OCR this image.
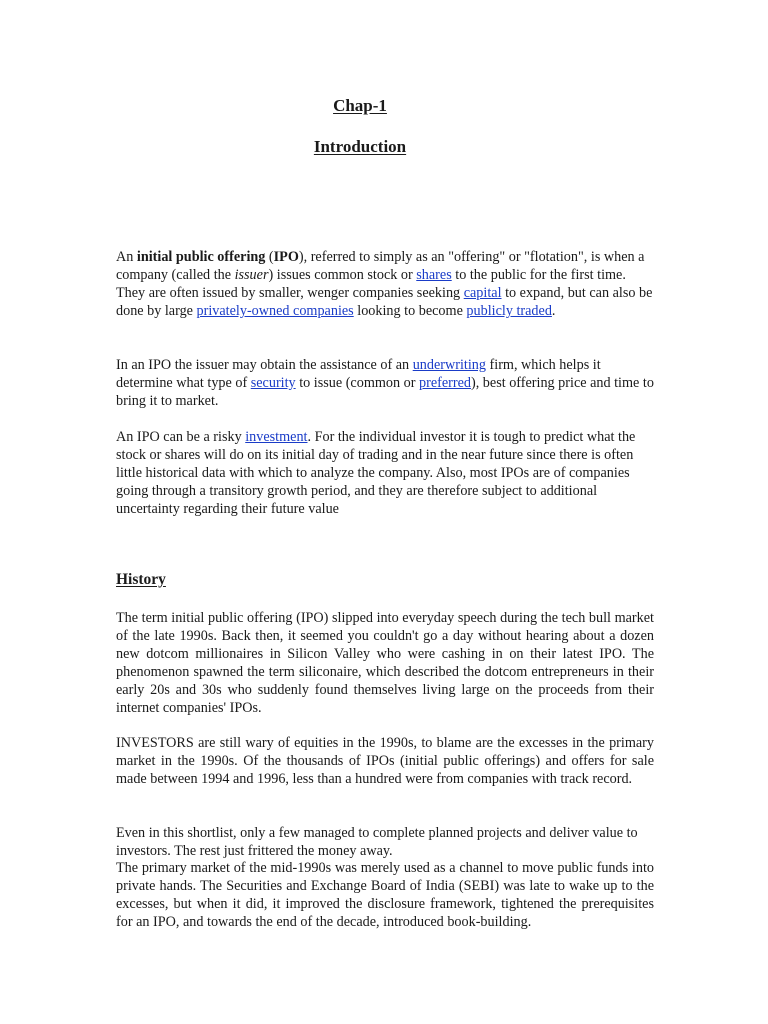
Chap-1
Introduction

An initial public offering (IPO), referred to simply as an "offering" or "flotation", is when a company (called the issuer) issues common stock or shares to the public for the first time. They are often issued by smaller, wenger companies seeking capital to expand, but can also be done by large privately-owned companies looking to become publicly traded.

In an IPO the issuer may obtain the assistance of an underwriting firm, which helps it determine what type of security to issue (common or preferred), best offering price and time to bring it to market.

An IPO can be a risky investment. For the individual investor it is tough to predict what the stock or shares will do on its initial day of trading and in the near future since there is often little historical data with which to analyze the company. Also, most IPOs are of companies going through a transitory growth period, and they are therefore subject to additional uncertainty regarding their future value

History

The term initial public offering (IPO) slipped into everyday speech during the tech bull market of the late 1990s. Back then, it seemed you couldn't go a day without hearing about a dozen new dotcom millionaires in Silicon Valley who were cashing in on their latest IPO. The phenomenon spawned the term siliconaire, which described the dotcom entrepreneurs in their early 20s and 30s who suddenly found themselves living large on the proceeds from their internet companies' IPOs.

INVESTORS are still wary of equities in the 1990s, to blame are the excesses in the primary market in the 1990s. Of the thousands of IPOs (initial public offerings) and offers for sale made between 1994 and 1996, less than a hundred were from companies with track record.

Even in this shortlist, only a few managed to complete planned projects and deliver value to investors. The rest just frittered the money away.

The primary market of the mid-1990s was merely used as a channel to move public funds into private hands. The Securities and Exchange Board of India (SEBI) was late to wake up to the excesses, but when it did, it improved the disclosure framework, tightened the prerequisites for an IPO, and towards the end of the decade, introduced book-building.
